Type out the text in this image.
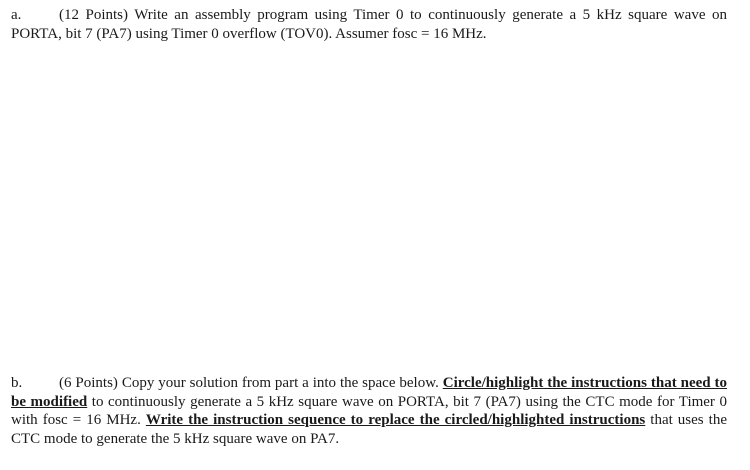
a.	(12 Points) Write an assembly program using Timer 0 to continuously generate a 5 kHz square wave on PORTA, bit 7 (PA7) using Timer 0 overflow (TOV0). Assumer fosc = 16 MHz.
b. (6 Points) Copy your solution from part a into the space below. Circle/highlight the instructions that need to be modified to continuously generate a 5 kHz square wave on PORTA, bit 7 (PA7) using the CTC mode for Timer 0 with fosc = 16 MHz. Write the instruction sequence to replace the circled/highlighted instructions that uses the CTC mode to generate the 5 kHz square wave on PA7.
